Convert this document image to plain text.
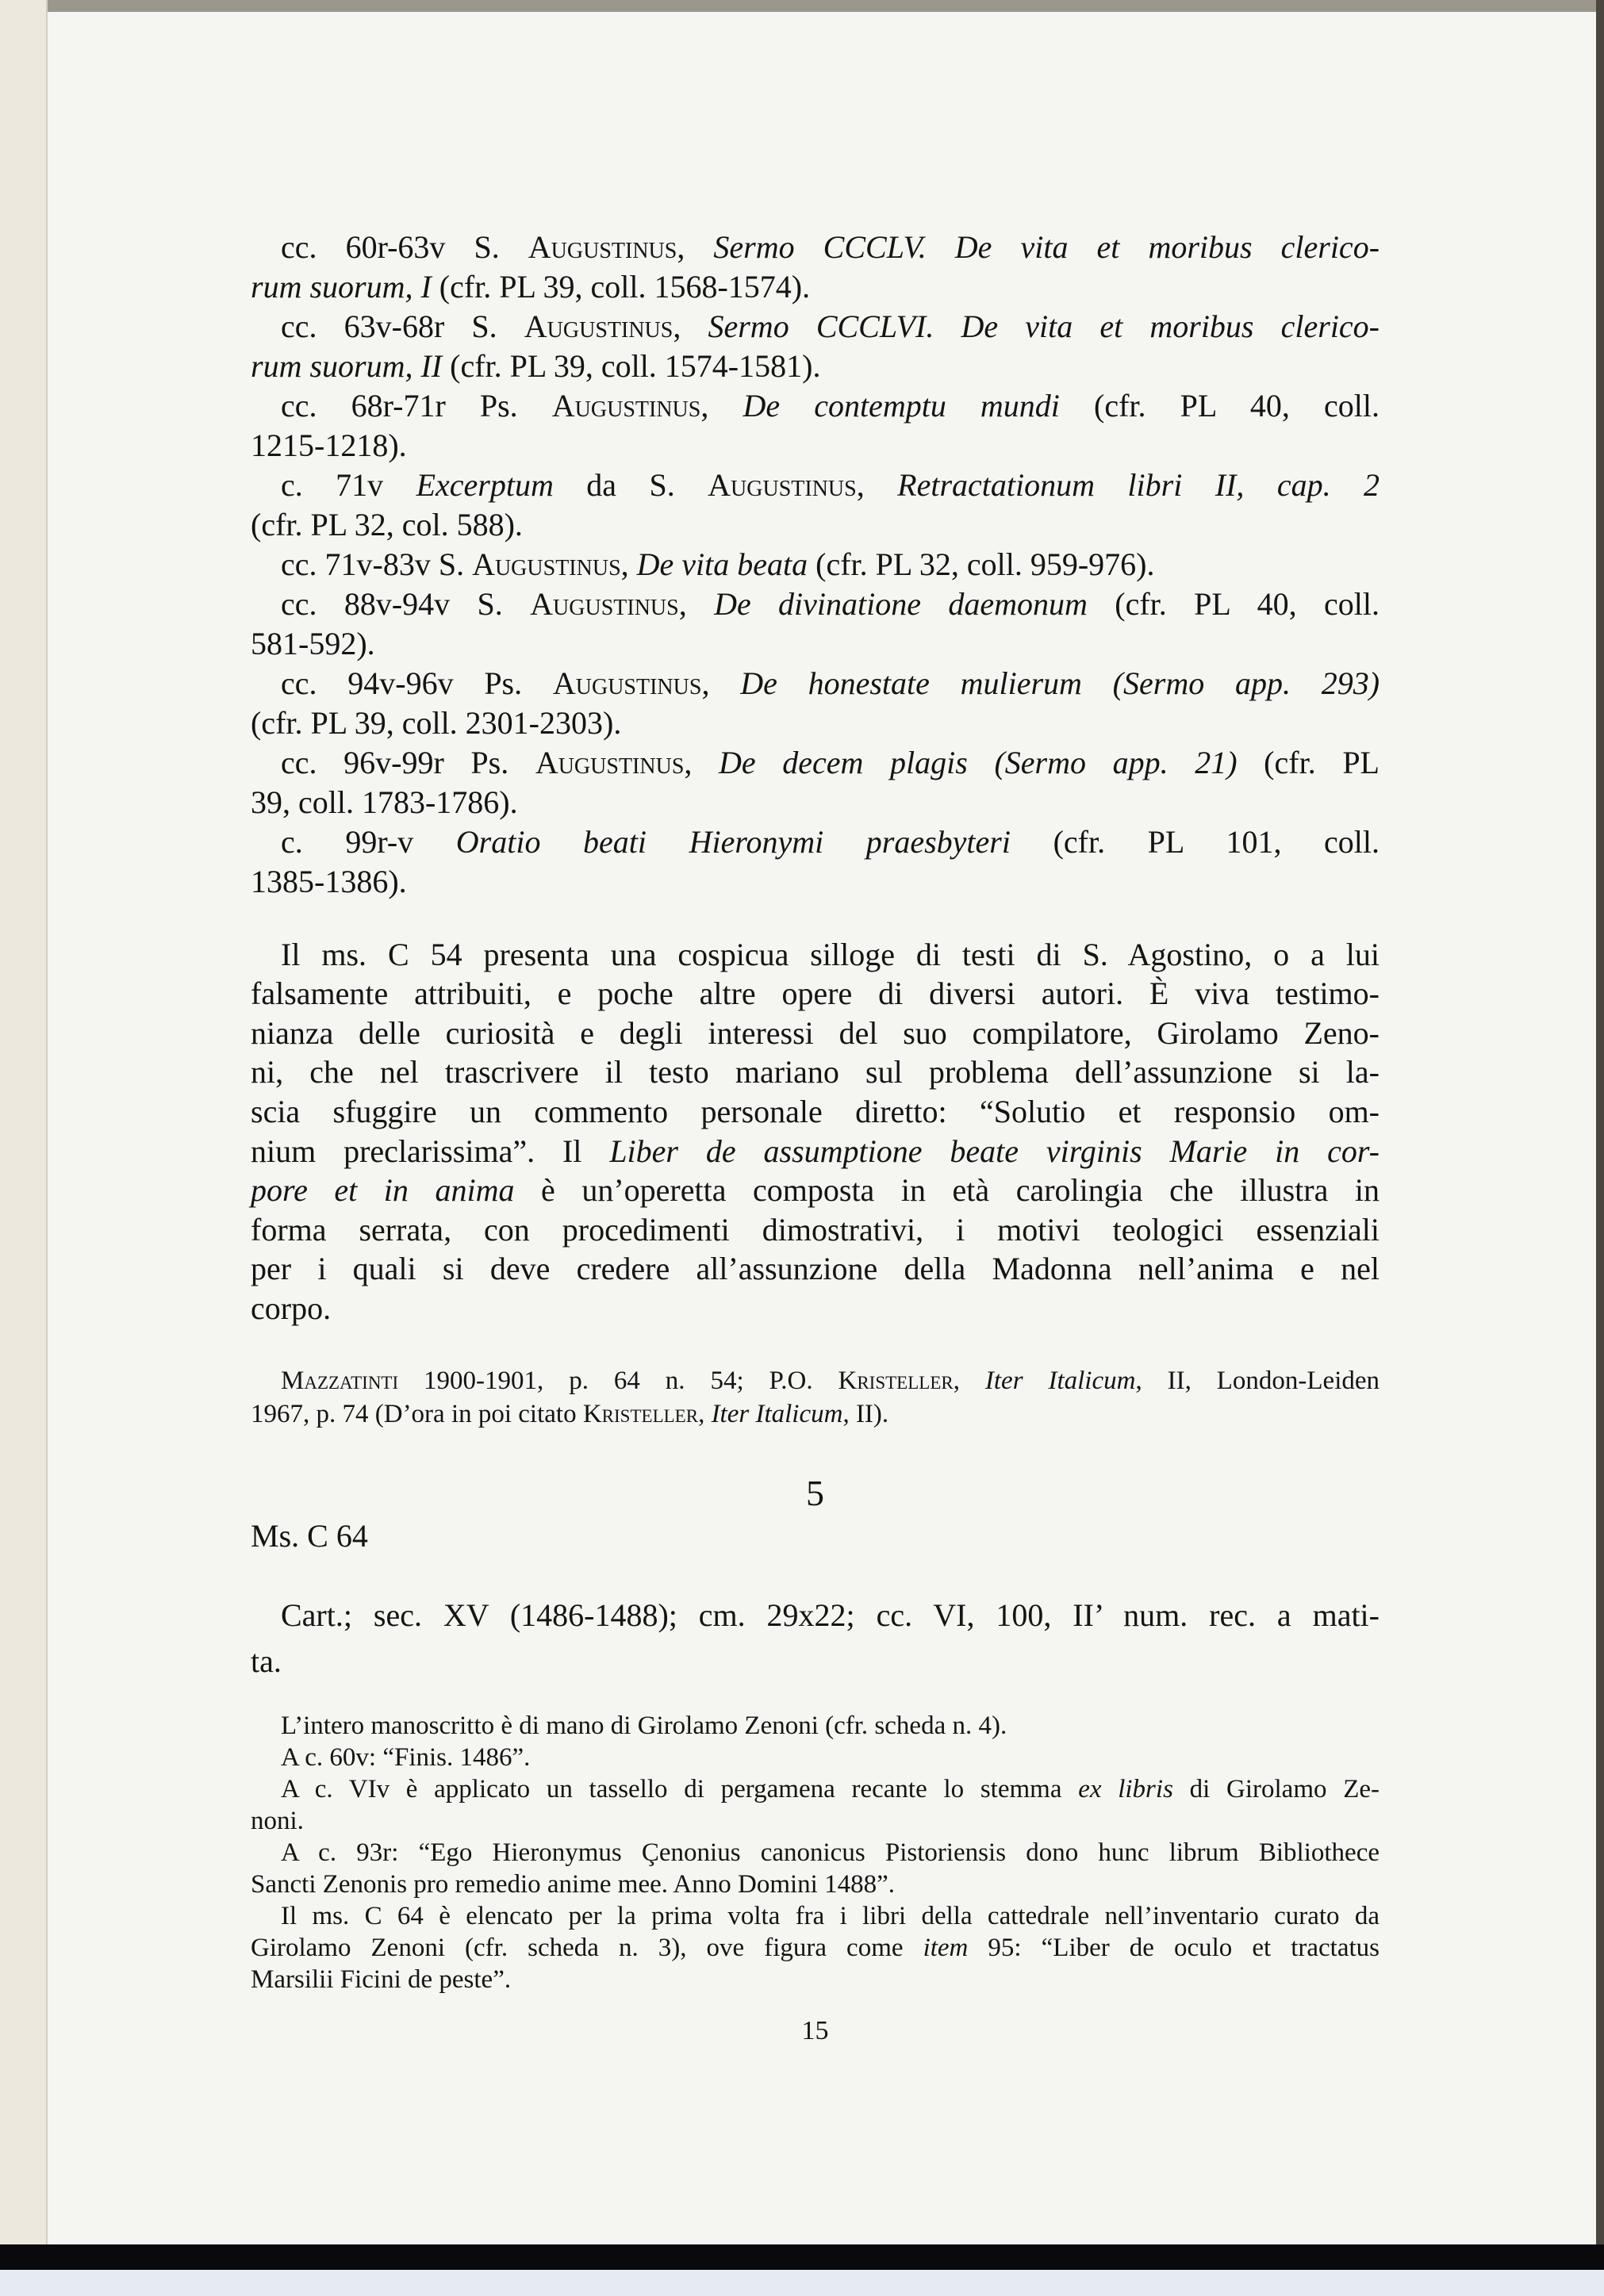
cc. 60r-63v S. Augustinus, Sermo CCCLV. De vita et moribus clerico-
rum suorum, I (cfr. PL 39, coll. 1568-1574).
cc. 63v-68r S. Augustinus, Sermo CCCLVI. De vita et moribus clerico-
rum suorum, II (cfr. PL 39, coll. 1574-1581).
cc. 68r-71r Ps. Augustinus, De contemptu mundi (cfr. PL 40, coll.
1215-1218).
c. 71v Excerptum da S. Augustinus, Retractationum libri II, cap. 2
(cfr. PL 32, col. 588).
cc. 71v-83v S. Augustinus, De vita beata (cfr. PL 32, coll. 959-976).
cc. 88v-94v S. Augustinus, De divinatione daemonum (cfr. PL 40, coll.
581-592).
cc. 94v-96v Ps. Augustinus, De honestate mulierum (Sermo app. 293)
(cfr. PL 39, coll. 2301-2303).
cc. 96v-99r Ps. Augustinus, De decem plagis (Sermo app. 21) (cfr. PL
39, coll. 1783-1786).
c. 99r-v Oratio beati Hieronymi praesbyteri (cfr. PL 101, coll.
1385-1386).
Il ms. C 54 presenta una cospicua silloge di testi di S. Agostino, o a lui
falsamente attribuiti, e poche altre opere di diversi autori. È viva testimo-
nianza delle curiosità e degli interessi del suo compilatore, Girolamo Zeno-
ni, che nel trascrivere il testo mariano sul problema dell’assunzione si la-
scia sfuggire un commento personale diretto: “Solutio et responsio om-
nium preclarissima”. Il Liber de assumptione beate virginis Marie in cor-
pore et in anima è un’operetta composta in età carolingia che illustra in
forma serrata, con procedimenti dimostrativi, i motivi teologici essenziali
per i quali si deve credere all’assunzione della Madonna nell’anima e nel
corpo.
Mazzatinti 1900-1901, p. 64 n. 54; P.O. Kristeller, Iter Italicum, II, London-Leiden
1967, p. 74 (D’ora in poi citato Kristeller, Iter Italicum, II).
5
Ms. C 64
Cart.; sec. XV (1486-1488); cm. 29x22; cc. VI, 100, II’ num. rec. a mati-
ta.
L’intero manoscritto è di mano di Girolamo Zenoni (cfr. scheda n. 4).
A c. 60v: “Finis. 1486”.
A c. VIv è applicato un tassello di pergamena recante lo stemma ex libris di Girolamo Ze-
noni.
A c. 93r: “Ego Hieronymus Çenonius canonicus Pistoriensis dono hunc librum Bibliothece
Sancti Zenonis pro remedio anime mee. Anno Domini 1488”.
Il ms. C 64 è elencato per la prima volta fra i libri della cattedrale nell’inventario curato da
Girolamo Zenoni (cfr. scheda n. 3), ove figura come item 95: “Liber de oculo et tractatus
Marsilii Ficini de peste”.
15
